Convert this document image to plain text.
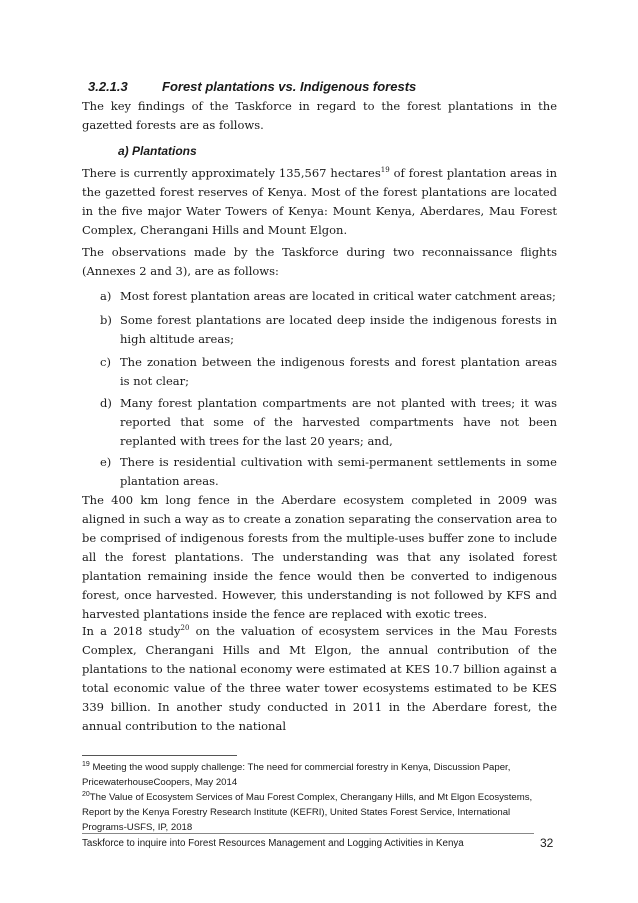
3.2.1.3	Forest plantations vs. Indigenous forests

The key findings of the Taskforce in regard to the forest plantations in the gazetted forests are as follows.

a) Plantations

There is currently approximately 135,567 hectares$^{19}$ of forest plantation areas in the gazetted forest reserves of Kenya. Most of the forest plantations are located in the five major Water Towers of Kenya: Mount Kenya, Aberdares, Mau Forest Complex, Cherangani Hills and Mount Elgon.

The observations made by the Taskforce during two reconnaissance flights (Annexes 2 and 3), are as follows:

a) Most forest plantation areas are located in critical water catchment areas;
b) Some forest plantations are located deep inside the indigenous forests in high altitude areas;
c) The zonation between the indigenous forests and forest plantation areas is not clear;
d) Many forest plantation compartments are not planted with trees; it was reported that some of the harvested compartments have not been replanted with trees for the last 20 years; and,
e) There is residential cultivation with semi-permanent settlements in some plantation areas.

The 400 km long fence in the Aberdare ecosystem completed in 2009 was aligned in such a way as to create a zonation separating the conservation area to be comprised of indigenous forests from the multiple-uses buffer zone to include all the forest plantations. The understanding was that any isolated forest plantation remaining inside the fence would then be converted to indigenous forest, once harvested. However, this understanding is not followed by KFS and harvested plantations inside the fence are replaced with exotic trees.

In a 2018 study$^{20}$ on the valuation of ecosystem services in the Mau Forests Complex, Cherangani Hills and Mt Elgon, the annual contribution of the plantations to the national economy were estimated at KES 10.7 billion against a total economic value of the three water tower ecosystems estimated to be KES 339 billion. In another study conducted in 2011 in the Aberdare forest, the annual contribution to the national

$^{19}$ Meeting the wood supply challenge: The need for commercial forestry in Kenya, Discussion Paper, PricewaterhouseCoopers, May 2014

$^{20}$The Value of Ecosystem Services of Mau Forest Complex, Cherangany Hills, and Mt Elgon Ecosystems, Report by the Kenya Forestry Research Institute (KEFRI), United States Forest Service, International Programs-USFS, IP, 2018

Taskforce to inquire into Forest Resources Management and Logging Activities in Kenya	32
